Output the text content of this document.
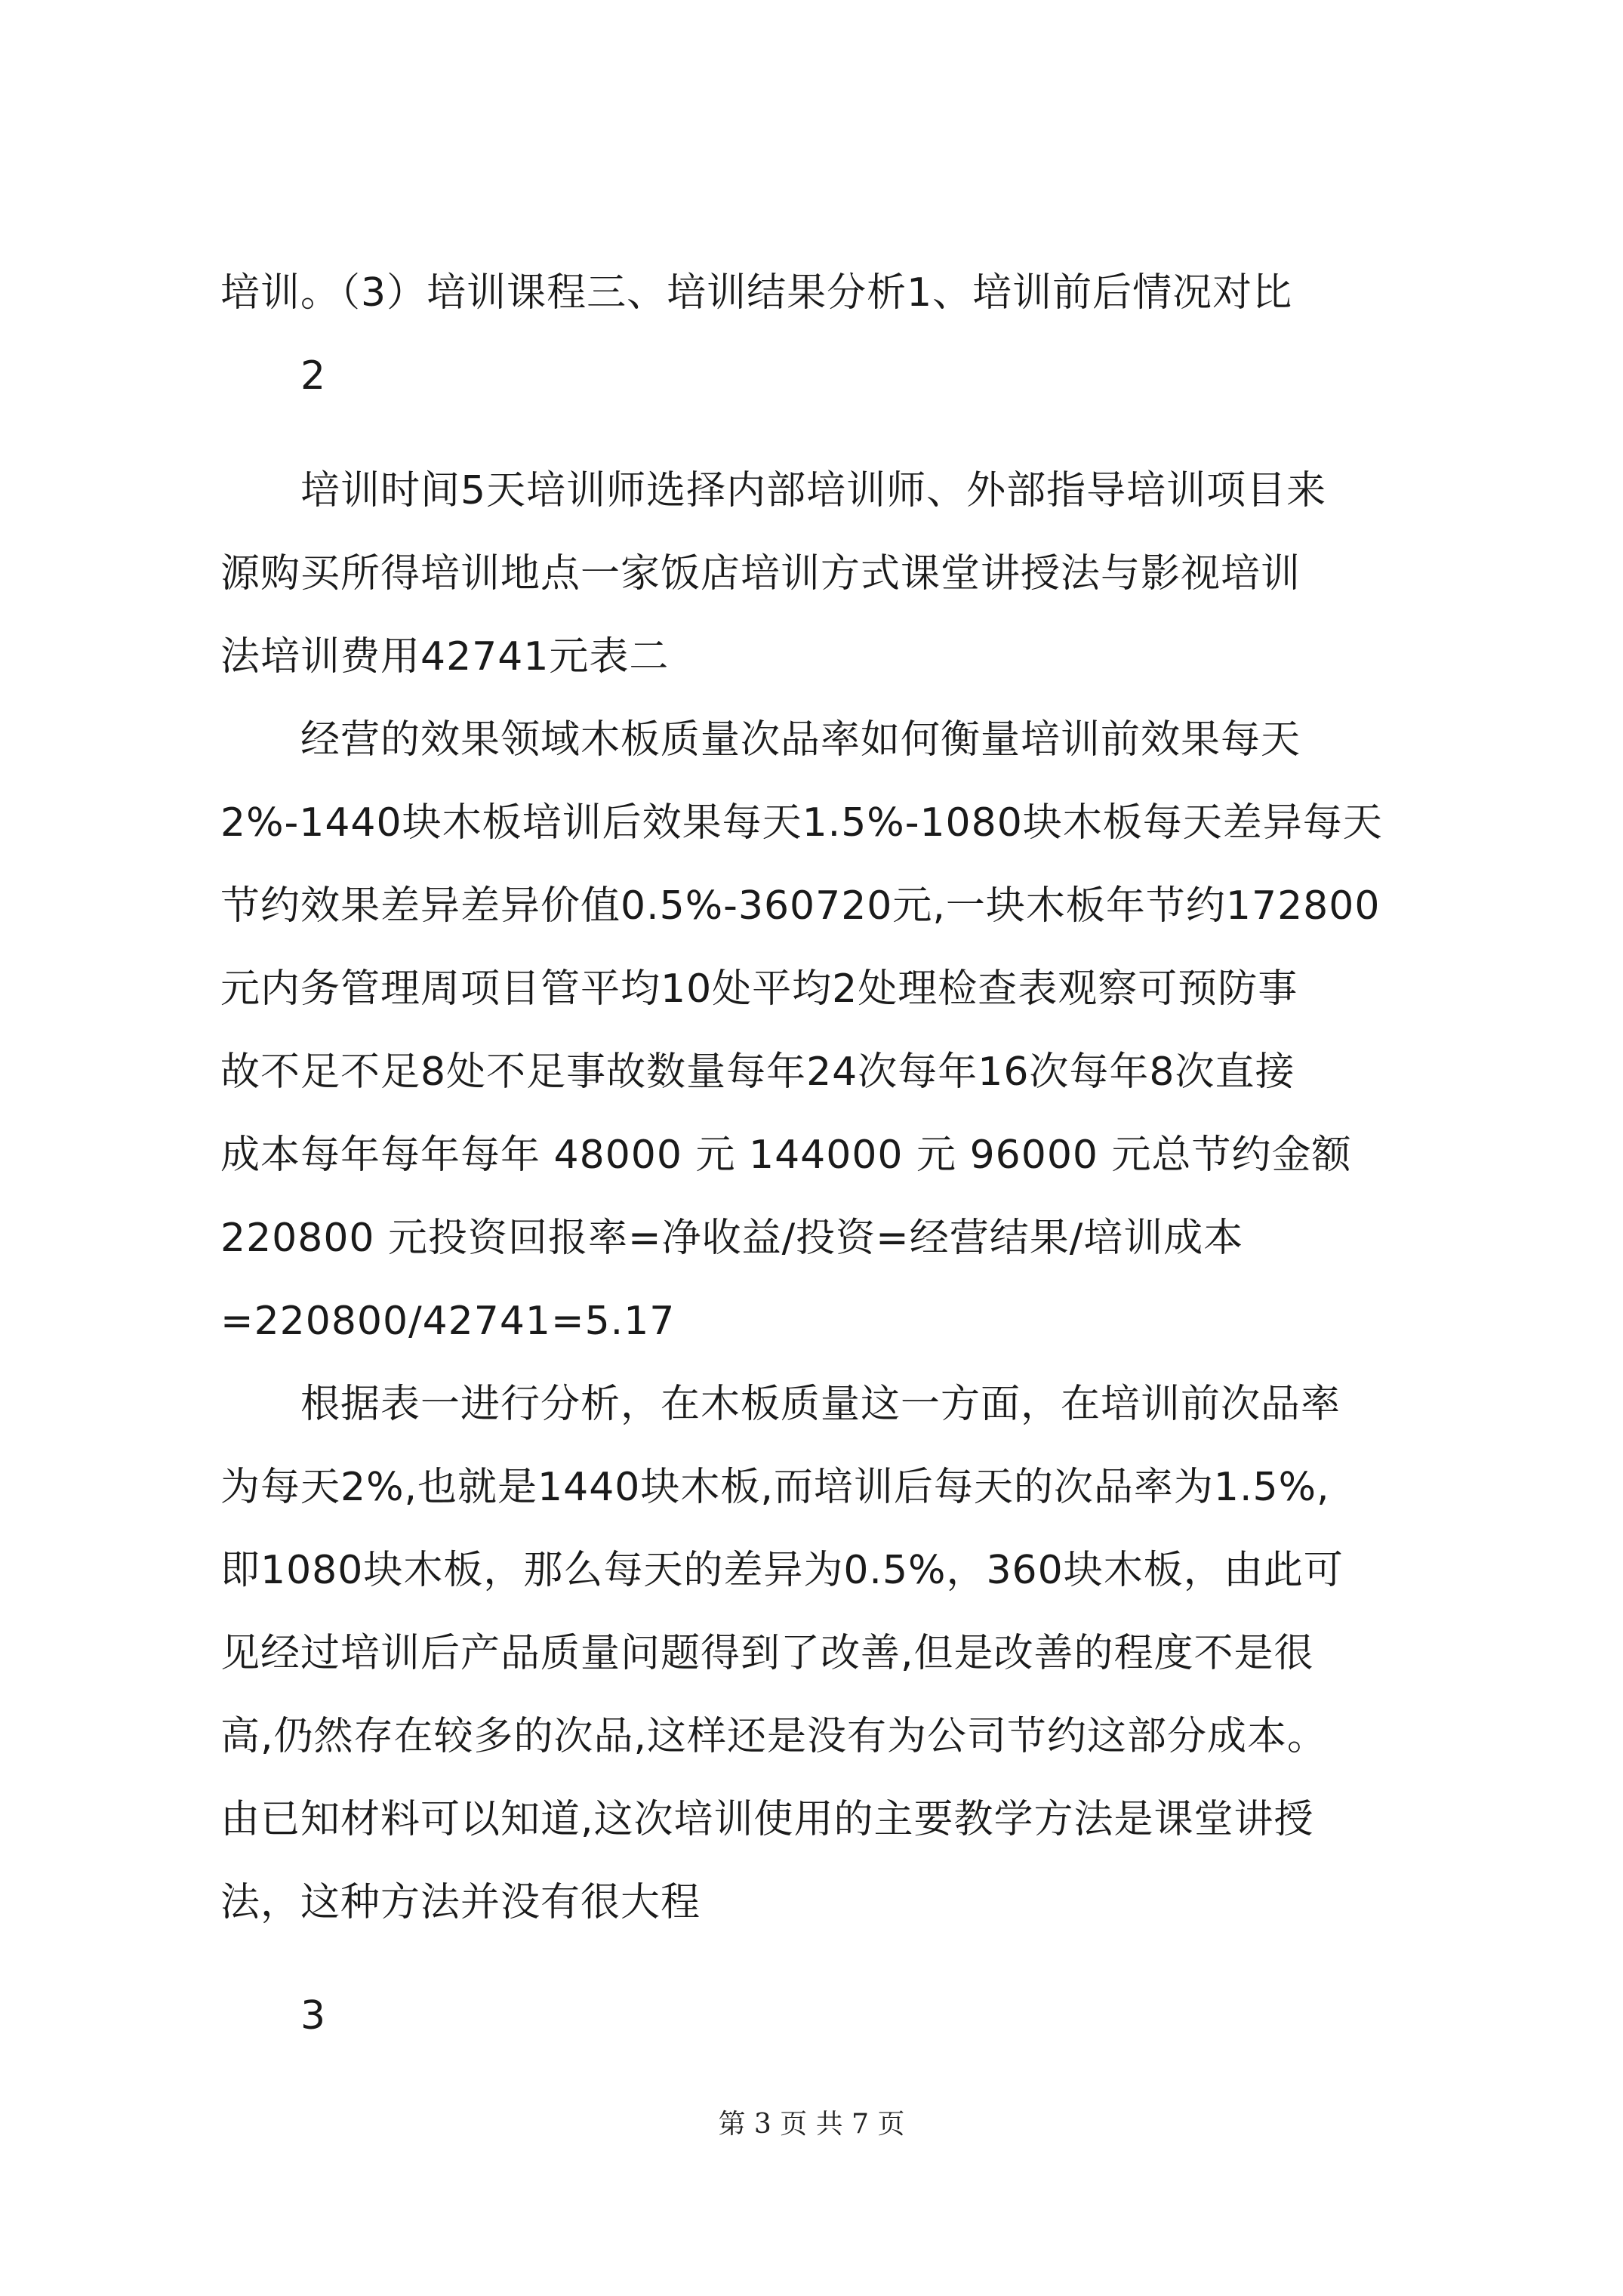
培训。（3）培训课程三、培训结果分析1、培训前后情况对比
2
培训时间5天培训师选择内部培训师、外部指导培训项目来
源购买所得培训地点一家饭店培训方式课堂讲授法与影视培训
法培训费用42741元表二
经营的效果领域木板质量次品率如何衡量培训前效果每天
2%-1440块木板培训后效果每天1.5%-1080块木板每天差异每天
节约效果差异差异价值0.5%-360720元,一块木板年节约172800
元内务管理周项目管平均10处平均2处理检查表观察可预防事
故不足不足8处不足事故数量每年24次每年16次每年8次直接
成本每年每年每年 48000 元 144000 元 96000 元总节约金额
220800 元投资回报率=净收益/投资=经营结果/培训成本
=220800/42741=5.17
根据表一进行分析，在木板质量这一方面，在培训前次品率
为每天2%,也就是1440块木板,而培训后每天的次品率为1.5%,
即1080块木板，那么每天的差异为0.5%，360块木板，由此可
见经过培训后产品质量问题得到了改善,但是改善的程度不是很
高,仍然存在较多的次品,这样还是没有为公司节约这部分成本。
由已知材料可以知道,这次培训使用的主要教学方法是课堂讲授
法，这种方法并没有很大程
3
第 3 页 共 7 页
